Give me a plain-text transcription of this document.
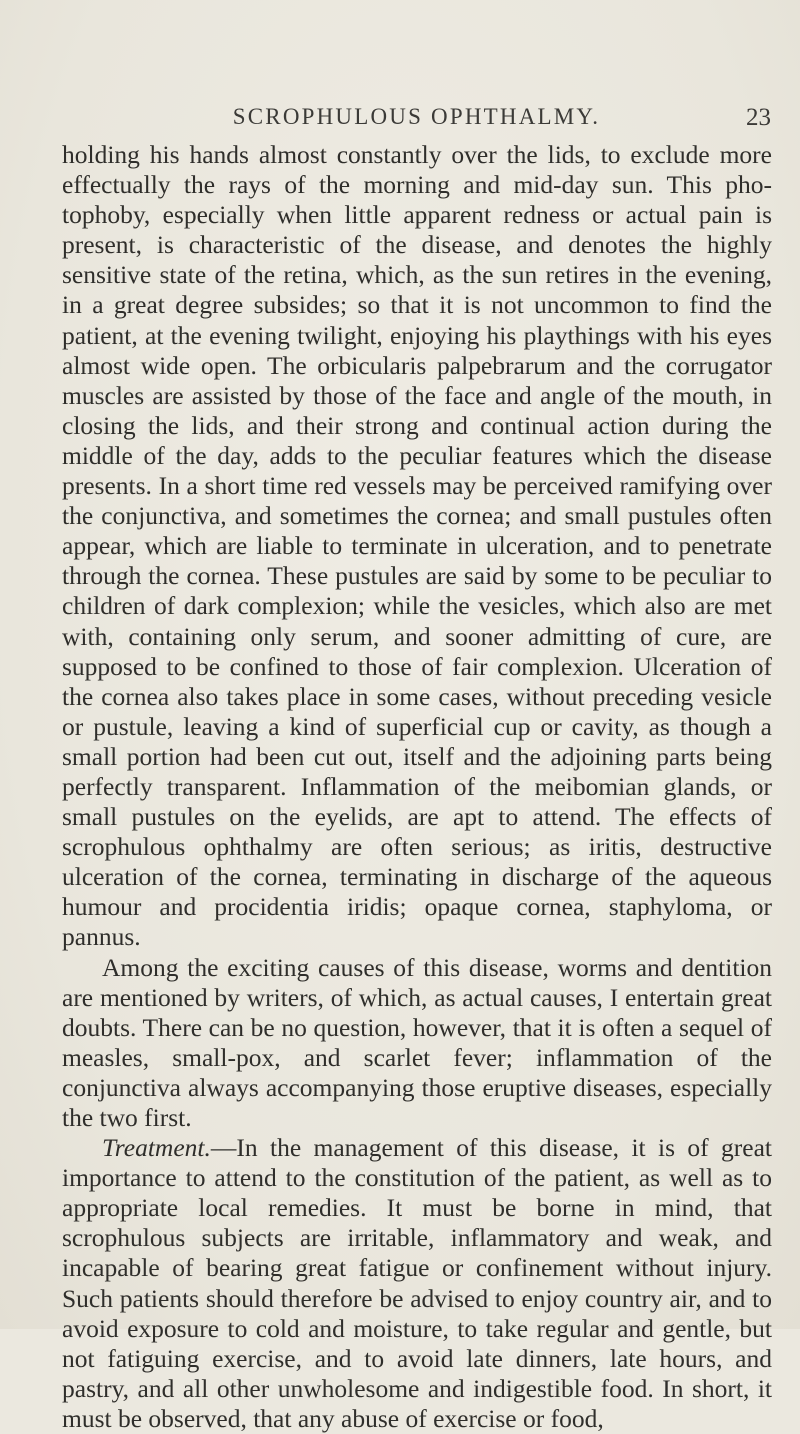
SCROPHULOUS OPHTHALMY.	23

holding his hands almost constantly over the lids, to exclude more effectually the rays of the morning and mid-day sun. This photophoby, especially when little apparent redness or actual pain is present, is characteristic of the disease, and denotes the highly sensitive state of the retina, which, as the sun retires in the evening, in a great degree subsides; so that it is not uncommon to find the patient, at the evening twilight, enjoying his playthings with his eyes almost wide open. The orbicularis palpebrarum and the corrugator muscles are assisted by those of the face and angle of the mouth, in closing the lids, and their strong and continual action during the middle of the day, adds to the peculiar features which the disease presents. In a short time red vessels may be perceived ramifying over the conjunctiva, and sometimes the cornea; and small pustules often appear, which are liable to terminate in ulceration, and to penetrate through the cornea. These pustules are said by some to be peculiar to children of dark complexion; while the vesicles, which also are met with, containing only serum, and sooner admitting of cure, are supposed to be confined to those of fair complexion. Ulceration of the cornea also takes place in some cases, without preceding vesicle or pustule, leaving a kind of superficial cup or cavity, as though a small portion had been cut out, itself and the adjoining parts being perfectly transparent. Inflammation of the meibomian glands, or small pustules on the eyelids, are apt to attend. The effects of scrophulous ophthalmy are often serious; as iritis, destructive ulceration of the cornea, terminating in discharge of the aqueous humour and procidentia iridis; opaque cornea, staphyloma, or pannus.

Among the exciting causes of this disease, worms and dentition are mentioned by writers, of which, as actual causes, I entertain great doubts. There can be no question, however, that it is often a sequel of measles, small-pox, and scarlet fever; inflammation of the conjunctiva always accompanying those eruptive diseases, especially the two first.

Treatment.—In the management of this disease, it is of great importance to attend to the constitution of the patient, as well as to appropriate local remedies. It must be borne in mind, that scrophulous subjects are irritable, inflammatory and weak, and incapable of bearing great fatigue or confinement without injury. Such patients should therefore be advised to enjoy country air, and to avoid exposure to cold and moisture, to take regular and gentle, but not fatiguing exercise, and to avoid late dinners, late hours, and pastry, and all other unwholesome and indigestible food. In short, it must be observed, that any abuse of exercise or food,
